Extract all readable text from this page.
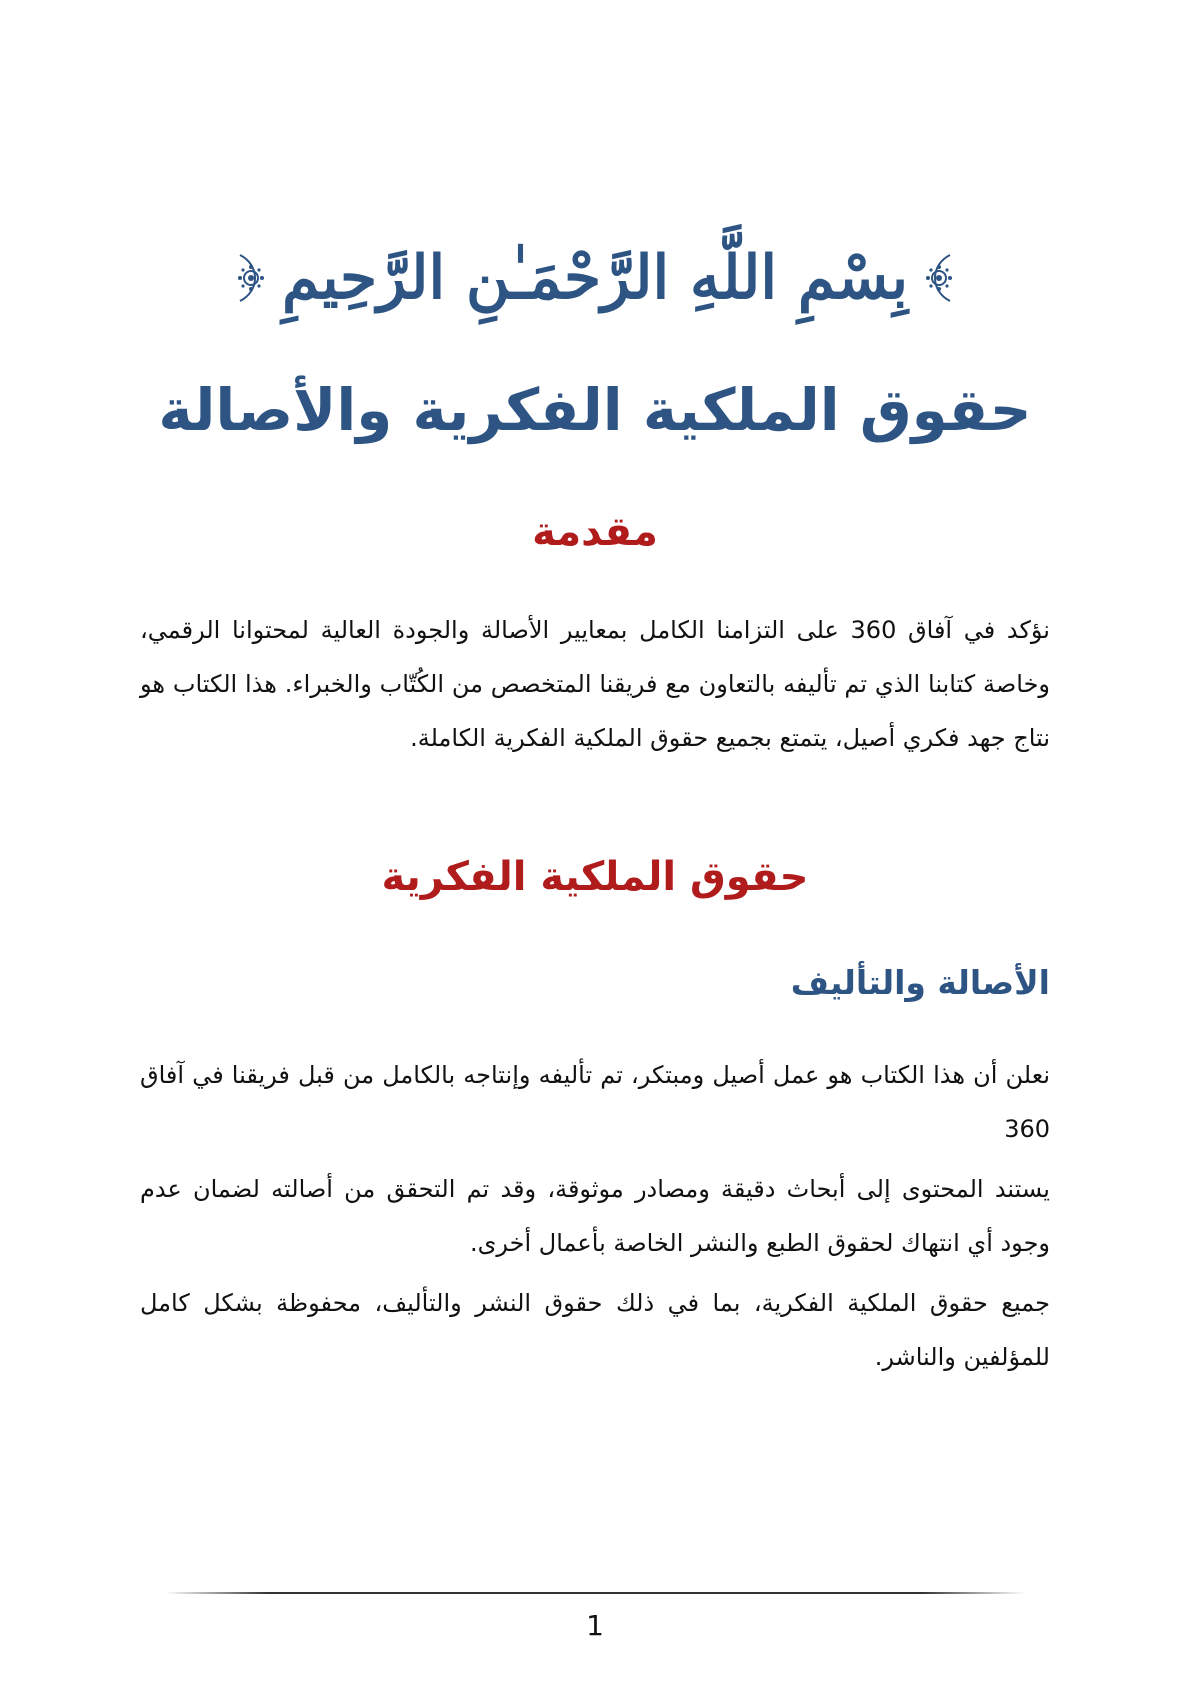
بِسْمِ اللَّهِ الرَّحْمَـٰنِ الرَّحِيمِ
حقوق الملكية الفكرية والأصالة
مقدمة

نؤكد في آفاق 360 على التزامنا الكامل بمعايير الأصالة والجودة العالية لمحتوانا الرقمي، وخاصة كتابنا الذي تم تأليفه بالتعاون مع فريقنا المتخصص من الكُتّاب والخبراء. هذا الكتاب هو نتاج جهد فكري أصيل، يتمتع بجميع حقوق الملكية الفكرية الكاملة.

حقوق الملكية الفكرية
الأصالة والتأليف

نعلن أن هذا الكتاب هو عمل أصيل ومبتكر، تم تأليفه وإنتاجه بالكامل من قبل فريقنا في آفاق 360

يستند المحتوى إلى أبحاث دقيقة ومصادر موثوقة، وقد تم التحقق من أصالته لضمان عدم وجود أي انتهاك لحقوق الطبع والنشر الخاصة بأعمال أخرى.

جميع حقوق الملكية الفكرية، بما في ذلك حقوق النشر والتأليف، محفوظة بشكل كامل للمؤلفين والناشر.

1
